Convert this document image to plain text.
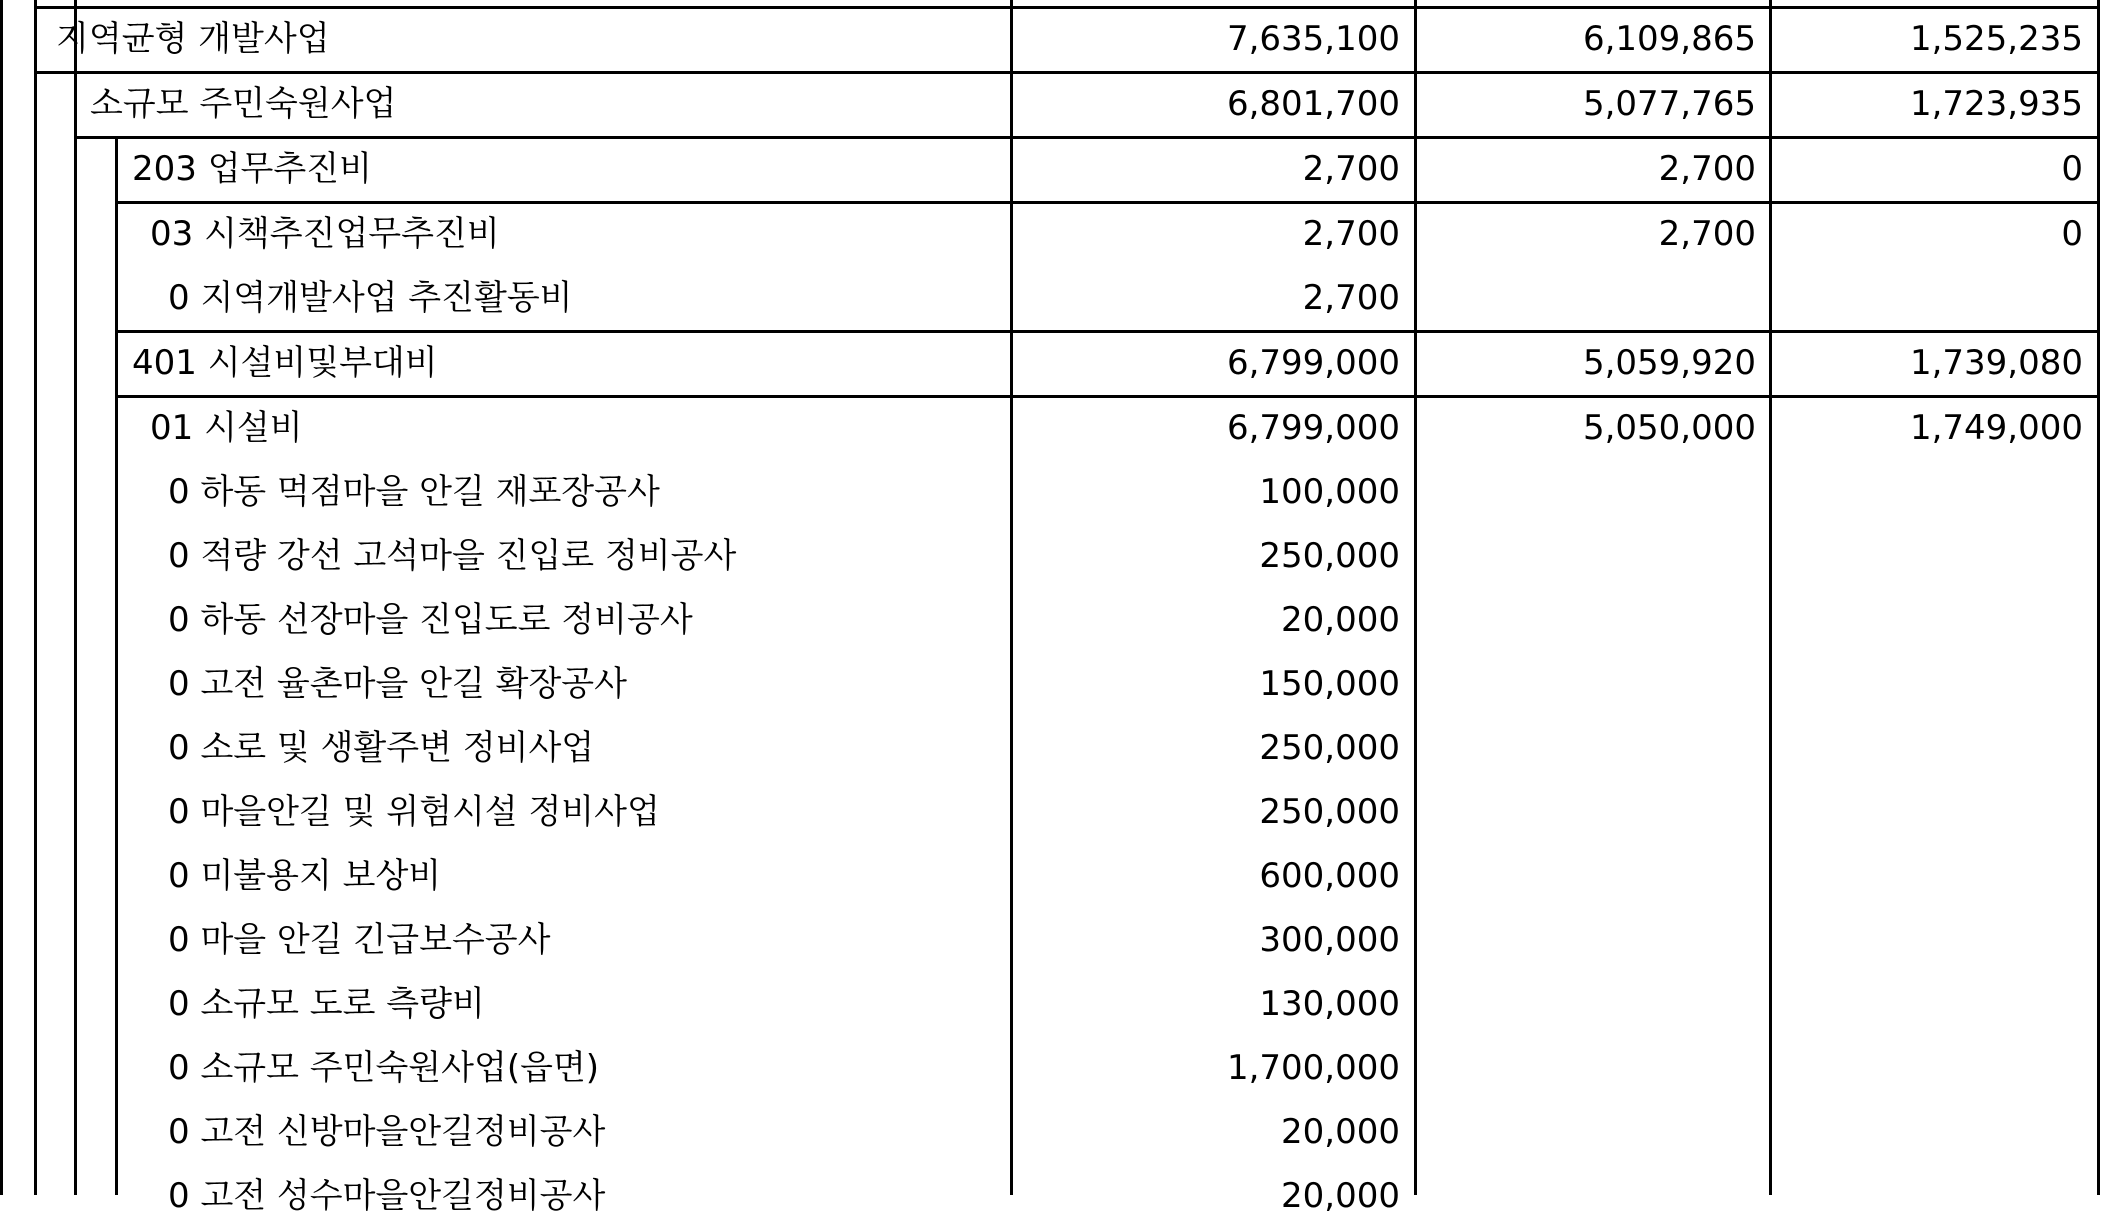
지역균형 개발사업	7,635,100	6,109,865	1,525,235
소규모 주민숙원사업	6,801,700	5,077,765	1,723,935
203 업무추진비	2,700	2,700	0
03 시책추진업무추진비	2,700	2,700	0
0 지역개발사업 추진활동비	2,700
401 시설비및부대비	6,799,000	5,059,920	1,739,080
01 시설비	6,799,000	5,050,000	1,749,000
0 하동 먹점마을 안길 재포장공사	100,000
0 적량 강선 고석마을 진입로 정비공사	250,000
0 하동 선장마을 진입도로 정비공사	20,000
0 고전 율촌마을 안길 확장공사	150,000
0 소로 및 생활주변 정비사업	250,000
0 마을안길 및 위험시설 정비사업	250,000
0 미불용지 보상비	600,000
0 마을 안길 긴급보수공사	300,000
0 소규모 도로 측량비	130,000
0 소규모 주민숙원사업(읍면)	1,700,000
0 고전 신방마을안길정비공사	20,000
0 고전 성수마을안길정비공사	20,000
